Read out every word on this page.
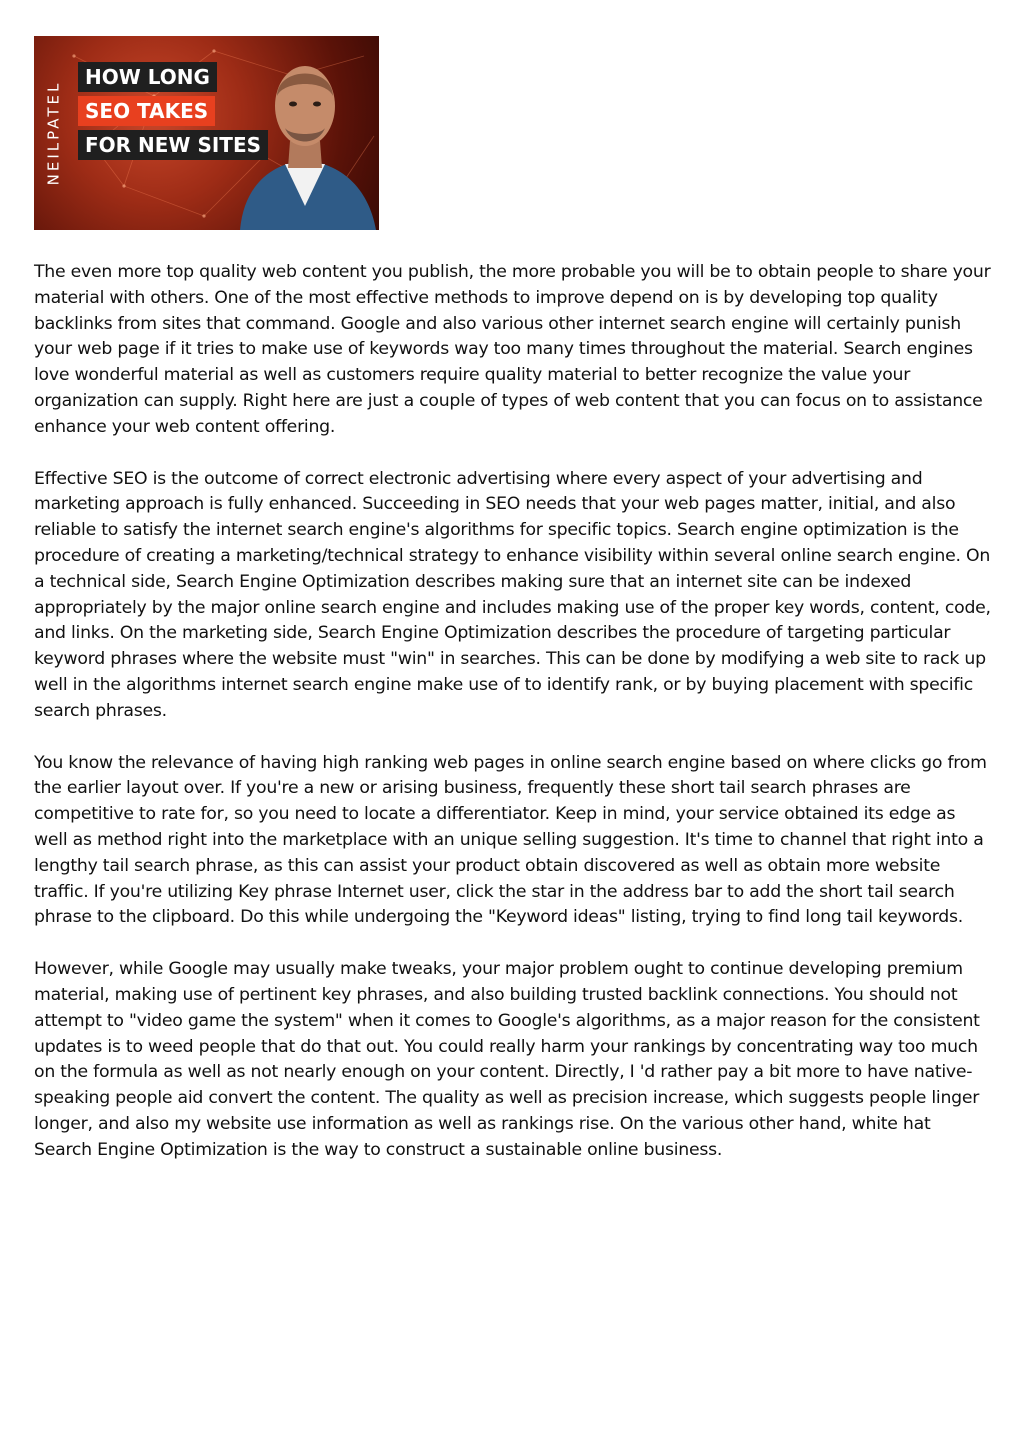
NEILPATEL
HOW LONG
SEO TAKES
FOR NEW SITES

The even more top quality web content you publish, the more probable you will be to obtain people to share your material with others. One of the most effective methods to improve depend on is by developing top quality backlinks from sites that command. Google and also various other internet search engine will certainly punish your web page if it tries to make use of keywords way too many times throughout the material. Search engines love wonderful material as well as customers require quality material to better recognize the value your organization can supply. Right here are just a couple of types of web content that you can focus on to assistance enhance your web content offering.

Effective SEO is the outcome of correct electronic advertising where every aspect of your advertising and marketing approach is fully enhanced. Succeeding in SEO needs that your web pages matter, initial, and also reliable to satisfy the internet search engine's algorithms for specific topics. Search engine optimization is the procedure of creating a marketing/technical strategy to enhance visibility within several online search engine. On a technical side, Search Engine Optimization describes making sure that an internet site can be indexed appropriately by the major online search engine and includes making use of the proper key words, content, code, and links. On the marketing side, Search Engine Optimization describes the procedure of targeting particular keyword phrases where the website must "win" in searches. This can be done by modifying a web site to rack up well in the algorithms internet search engine make use of to identify rank, or by buying placement with specific search phrases.

You know the relevance of having high ranking web pages in online search engine based on where clicks go from the earlier layout over. If you're a new or arising business, frequently these short tail search phrases are competitive to rate for, so you need to locate a differentiator. Keep in mind, your service obtained its edge as well as method right into the marketplace with an unique selling suggestion. It's time to channel that right into a lengthy tail search phrase, as this can assist your product obtain discovered as well as obtain more website traffic. If you're utilizing Key phrase Internet user, click the star in the address bar to add the short tail search phrase to the clipboard. Do this while undergoing the "Keyword ideas" listing, trying to find long tail keywords.

However, while Google may usually make tweaks, your major problem ought to continue developing premium material, making use of pertinent key phrases, and also building trusted backlink connections. You should not attempt to "video game the system" when it comes to Google's algorithms, as a major reason for the consistent updates is to weed people that do that out. You could really harm your rankings by concentrating way too much on the formula as well as not nearly enough on your content. Directly, I 'd rather pay a bit more to have native-speaking people aid convert the content. The quality as well as precision increase, which suggests people linger longer, and also my website use information as well as rankings rise. On the various other hand, white hat Search Engine Optimization is the way to construct a sustainable online business.
